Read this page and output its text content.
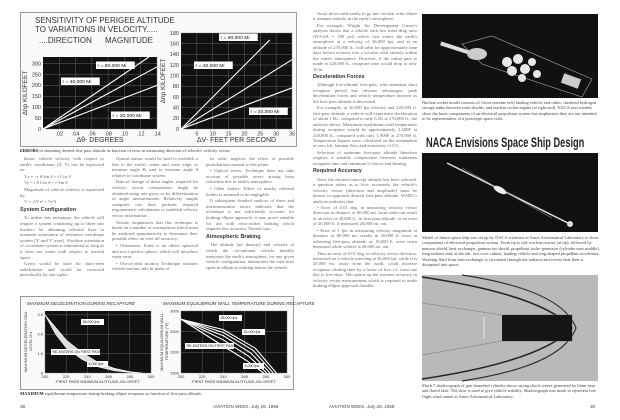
SENSITIVITY OF PERIGEE ALTITUDE
TO VARIATIONS IN VELOCITY.....
....DIRECTION MAGNITUDE
.02 .04 .06 .08 .10 .12 .14
0
50
100
150
200
250
300
Δθ- DEGREES
Δhp KILOFEET
r = 80,000 Mi
r = 40,000 Mi
r = 20,000 Mi
5 10 15 20 25 30 35
0
20
40
60
80
100
120
140
160
180
ΔV- FEET PER SECOND
Δhp KILOFEET
r = 80,000 Mi
r = 40,000 Mi
r = 20,000 Mi
ERRORS in obtaining desired first-pass altitude as function of error in measuring direction of vehicle's velocity vector.

lation, vehicle velocity with respect to earth's coordinates (X, Y) can be expressed as:

Vx = −r θ Sin θ + ṙ Cos θ

Vy = r θ Cos θ + ṙ Sin θ

Magnitude of vehicle velocity is expressed by:

V = √(Vx² + Vy²)

System Configuration

To utilize this technique, the vehicle will require a system containing up to three star trackers for obtaining celestial fixes to maintain orientation of reference coordinate system (X' and Y' axes). Absolute orientation of coordinate system is immaterial so long as it does not rotate with respect to inertial space.

Gyros would be used for short-term stabilization and would be corrected periodically by star sights.

Optical means would be used to establish a line to the earth's center and outer edge, to measure angle B, and to measure angle θ relative to coordinate system.

Rate of change of these angles, required for velocity vector computation, might be obtained using rate gyros or by differentiation of angle measurements. Relatively simple computer can then perform required trigonometric calculations to establish velocity vector information.

Nessdo emphasizes that this technique is based on a number of assumptions which must be analyzed quantitatively to determine their possible effect on over-all accuracy:

• Oblateness: Earth is an oblate spheroid and not a perfect sphere, which will introduce some error.

• Out-of-orbit motion: Technique assumes vehicle motion only in plane of

its orbit, neglects the effect of possible perturbations normal to this plane.

• Optical errors: Technique does not take account of possible errors arising from refraction due to earth's atmosphere.

• Other bodies: Effect of nearby celestial bodies is assumed to be negligible.

If subsequent detailed analysis of these and instrumentation errors indicates that the technique is not sufficiently accurate for braking ellipse approach, it may prove suitable for use with retro-rocket braking which requires less accuracy, Nessdo says.

Atmospheric Braking

The altitude (air density) and velocity at which the circumlunar vehicle initially intercepts the earth's atmosphere, for any given vehicle configuration, determines the total time spent in elliptical orbiting before the vehicle

200	220	240	260	280	300
0
1.0
2.0
3.0
FIRST PASS MINIMUM ALTITUDE–KILOFEET
MAXIMUM DECELERATION SEA LEVEL G's
MAXIMUM DECELERATION DURING RECAPTURE
36,000 fps
RE-ENTERS ON FIRST PASS
5,000 fps
200	220	240	260	280	300
1500
2000
2500
3000
FIRST PASS MINIMUM ALTITUDE–KILOFEET
MAXIMUM EQUILIBRIUM WALL TEMPERATURE (°F)
MAXIMUM EQUILIBRIUM WALL TEMPERATURE DURING RECAPTURE
36,000 fps
34,000 fps
RE-ENTERS ON FIRST PASS
5,000 fps
MAXIMUM equilibrium temperature during braking ellipse recapture as function of first-pass altitude.
38	AVIATION WEEK, July 28, 1958

slows down sufficiently to go into circular orbit where it remains entirely in the earth's atmosphere.

For example, Wright Air Development Center's analysis shows that a vehicle with low mass-drag ratio (W/CdA = 100 psf) which first enters the earth's atmosphere at a velocity of 36,000 fps, and at an altitude of 270,000 ft., will orbit for approximately nine days before re-entry into a circular orbit entirely within the earth's atmosphere. However, if the initial pass is made at 220,000 ft., recapture time would drop to only 10 hr.

Deceleration Forces

Although low-altitude first-pass, with attendant short recapture period has obvious advantages, peak deceleration forces and vehicle temperature increase as the first-pass altitude is decreased.

For example, at 36,000 fps velocity and 220,000 ft. first-pass altitude, a vehicle will experience deceleration of about 1.6G, compared to only 0.2G at 270,000 ft., the analysis shows. Maximum equilibrium wall temperature during recapture would be approximately 2,500F at 220,000 ft., compared with only 1,900F at 270,000 ft. Temperature figures were calculated on the assumption of zero lift, laminar flow and emissivity of 0.5.

Selection of optimum first-pass altitude therefore requires a suitable compromise between minimum recapture time and minimum G-forces and heating.

Required Accuracy

Once the desired intercept altitude has been selected, a question arises as to how accurately the vehicle's velocity vector (direction and amplitude) must be known to approach desired first-pass altitude. WADC's analysis indicates that:

• Error of 0.01 deg. in measuring velocity vector direction at distance of 80,000 mi. from earth can result in an error of 40,000 ft., in first-pass altitude, or an error of 20,000 ft. if measured 20,000 mi. out.

• Error of 1 fps. in measuring velocity magnitude at distance of 80,000 mi. results in 30,000 ft. error in achieving first-pass altitude, or 10,000 ft. error when measured while vehicle is 20,000 mi. out.

Thus an error of 0.01 deg. in velocity vector direction, measured on a vehicle traveling at 36,000 fps. while it is 20,000 mi. away from the earth, could increase recapture orbiting time by a factor of five, i.e. from one day to five days. This points up the extreme accuracy in velocity vector measurement which is required to make braking ellipse approach feasible.

AVIATION WEEK, July 28, 1958	39
Nuclear rocket model consists of (from extreme left) landing vehicle and cabin, clustered hydrogen storage tanks between solar shields, and nuclear rocket engine (at right end). NACA says models show the basic components of an electrical propulsion system but emphasizes they are not intended to be representative of a prototype space craft.
NACA Envisions Space Ship Design
Model of future space ship was set up by NACA scientists at Ames Aeronautical Laboratory to show components of electrical propulsion system. From tip to tail: nuclear reactor (at tip), followed by neutron shield, heat exchanger, gamma ray shield, propellant, turbo-generator (cylinder near middle), long radiator and, at the tail, two crew cabins, landing vehicle and ring-shaped propellant accelerator. Working fluid from heat exchanger is circulated through the radiator and excess heat then is dissipated into space.
Mach 7 shadowgraph of gun-launched cylinder shows strong shock waves generated by blunt nose and flared skirt. The skirt is used to give vehicle stability. Shadowgraph was made to represent free flight wind tunnel at Ames Aeronautical Laboratory.
